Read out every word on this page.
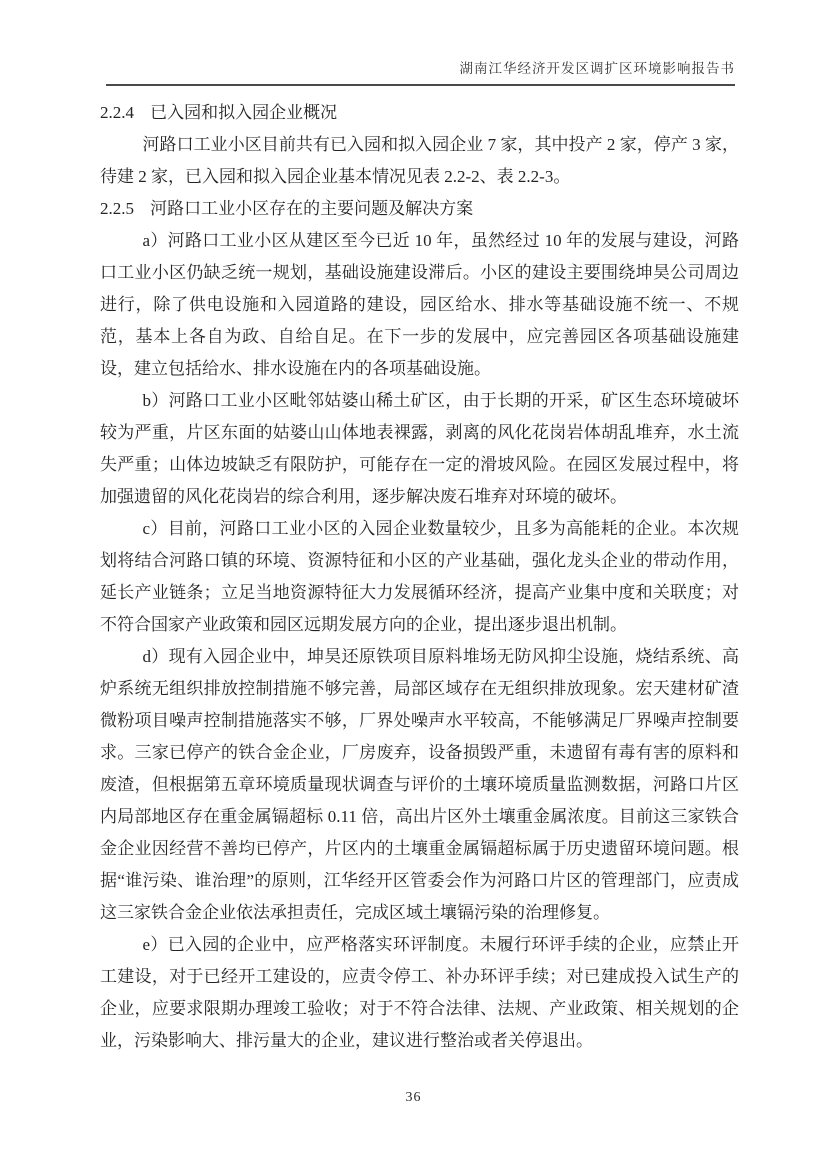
湖南江华经济开发区调扩区环境影响报告书
2.2.4 已入园和拟入园企业概况

河路口工业小区目前共有已入园和拟入园企业 7 家，其中投产 2 家，停产 3 家，待建 2 家，已入园和拟入园企业基本情况见表 2.2-2、表 2.2-3。

2.2.5 河路口工业小区存在的主要问题及解决方案

a）河路口工业小区从建区至今已近 10 年，虽然经过 10 年的发展与建设，河路口工业小区仍缺乏统一规划，基础设施建设滞后。小区的建设主要围绕坤昊公司周边进行，除了供电设施和入园道路的建设，园区给水、排水等基础设施不统一、不规范，基本上各自为政、自给自足。在下一步的发展中，应完善园区各项基础设施建设，建立包括给水、排水设施在内的各项基础设施。

b）河路口工业小区毗邻姑婆山稀土矿区，由于长期的开采，矿区生态环境破坏较为严重，片区东面的姑婆山山体地表裸露，剥离的风化花岗岩体胡乱堆弃，水土流失严重；山体边坡缺乏有限防护，可能存在一定的滑坡风险。在园区发展过程中，将加强遗留的风化花岗岩的综合利用，逐步解决废石堆弃对环境的破坏。

c）目前，河路口工业小区的入园企业数量较少，且多为高能耗的企业。本次规划将结合河路口镇的环境、资源特征和小区的产业基础，强化龙头企业的带动作用，延长产业链条；立足当地资源特征大力发展循环经济，提高产业集中度和关联度；对不符合国家产业政策和园区远期发展方向的企业，提出逐步退出机制。

d）现有入园企业中，坤昊还原铁项目原料堆场无防风抑尘设施，烧结系统、高炉系统无组织排放控制措施不够完善，局部区域存在无组织排放现象。宏天建材矿渣微粉项目噪声控制措施落实不够，厂界处噪声水平较高，不能够满足厂界噪声控制要求。三家已停产的铁合金企业，厂房废弃，设备损毁严重，未遗留有毒有害的原料和废渣，但根据第五章环境质量现状调查与评价的土壤环境质量监测数据，河路口片区内局部地区存在重金属镉超标 0.11 倍，高出片区外土壤重金属浓度。目前这三家铁合金企业因经营不善均已停产，片区内的土壤重金属镉超标属于历史遗留环境问题。根据“谁污染、谁治理”的原则，江华经开区管委会作为河路口片区的管理部门，应责成这三家铁合金企业依法承担责任，完成区域土壤镉污染的治理修复。

e）已入园的企业中，应严格落实环评制度。未履行环评手续的企业，应禁止开工建设，对于已经开工建设的，应责令停工、补办环评手续；对已建成投入试生产的企业，应要求限期办理竣工验收；对于不符合法律、法规、产业政策、相关规划的企业，污染影响大、排污量大的企业，建议进行整治或者关停退出。

36
